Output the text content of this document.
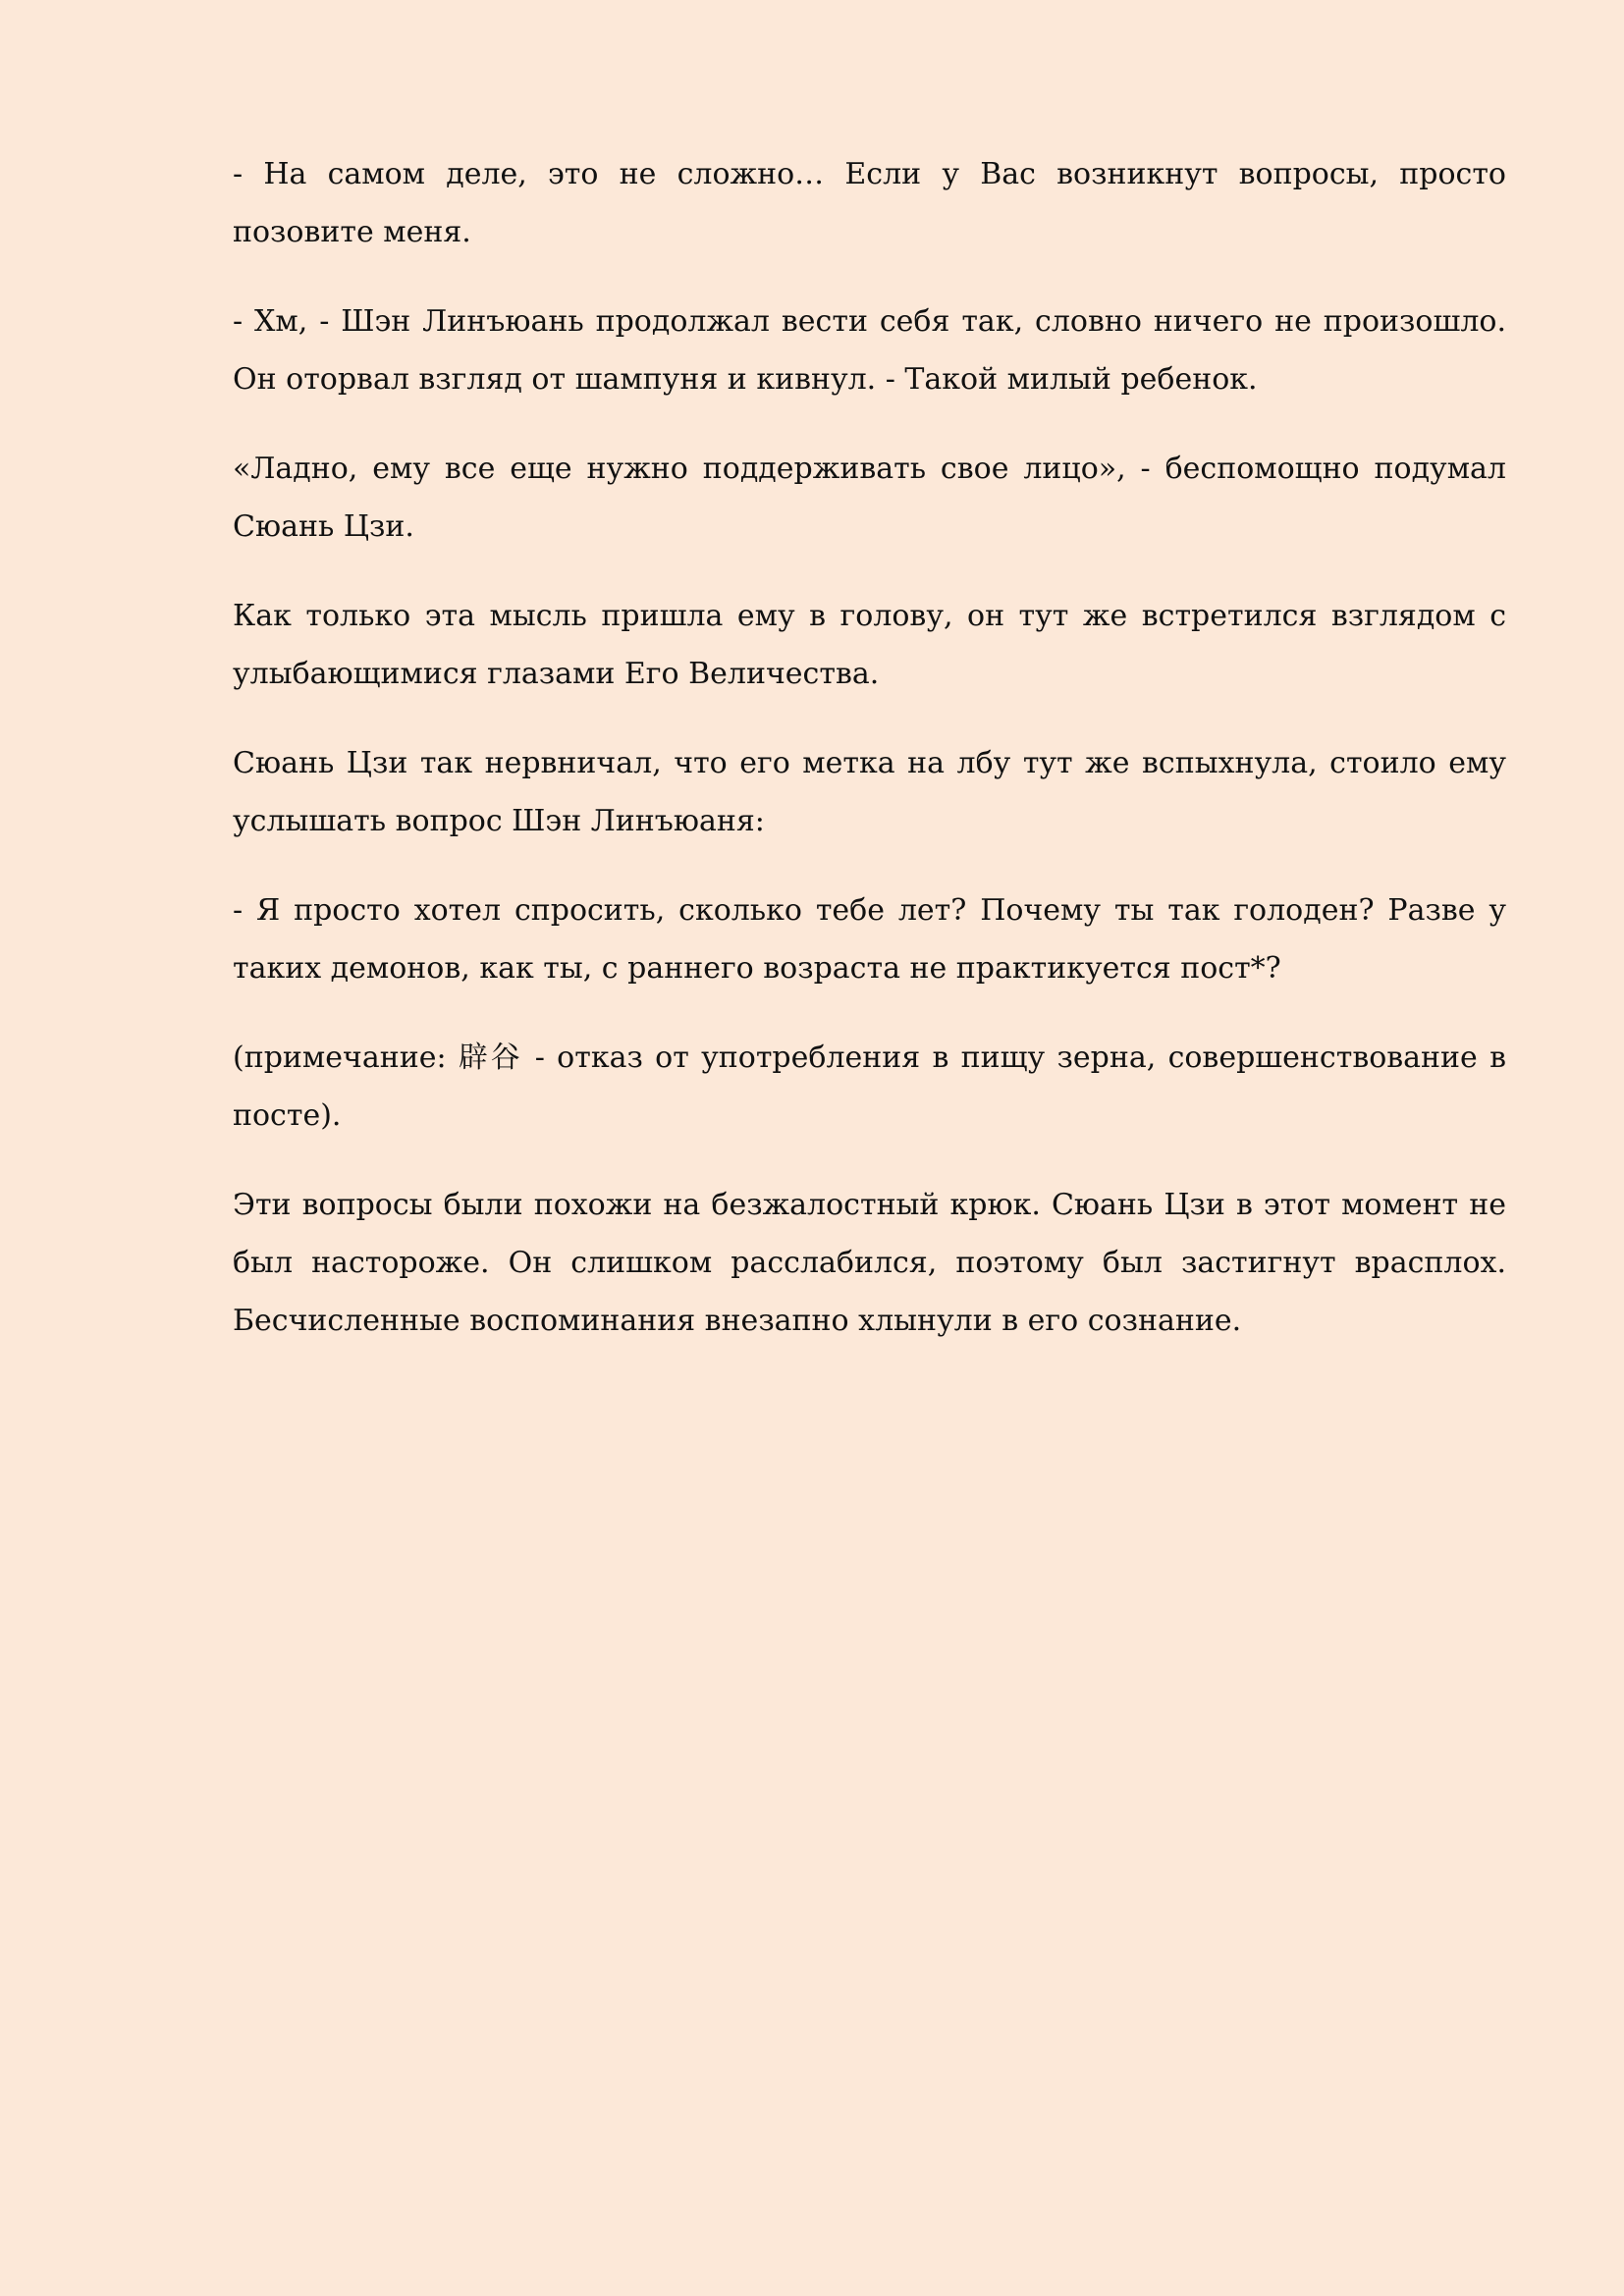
- На самом деле, это не сложно… Если у Вас возникнут вопросы, просто позовите меня.

- Хм, - Шэн Линъюань продолжал вести себя так, словно ничего не произошло. Он оторвал взгляд от шампуня и кивнул. - Такой милый ребенок.

«Ладно, ему все еще нужно поддерживать свое лицо», - беспомощно подумал Сюань Цзи.

Как только эта мысль пришла ему в голову, он тут же встретился взглядом с улыбающимися глазами Его Величества.

Сюань Цзи так нервничал, что его метка на лбу тут же вспыхнула, стоило ему услышать вопрос Шэн Линъюаня:

- Я просто хотел спросить, сколько тебе лет? Почему ты так голоден? Разве у таких демонов, как ты, с раннего возраста не практикуется пост*?

(примечание: 辟谷 - отказ от употребления в пищу зерна, совершенствование в посте).

Эти вопросы были похожи на безжалостный крюк. Сюань Цзи в этот момент не был настороже. Он слишком расслабился, поэтому был застигнут врасплох. Бесчисленные воспоминания внезапно хлынули в его сознание.
